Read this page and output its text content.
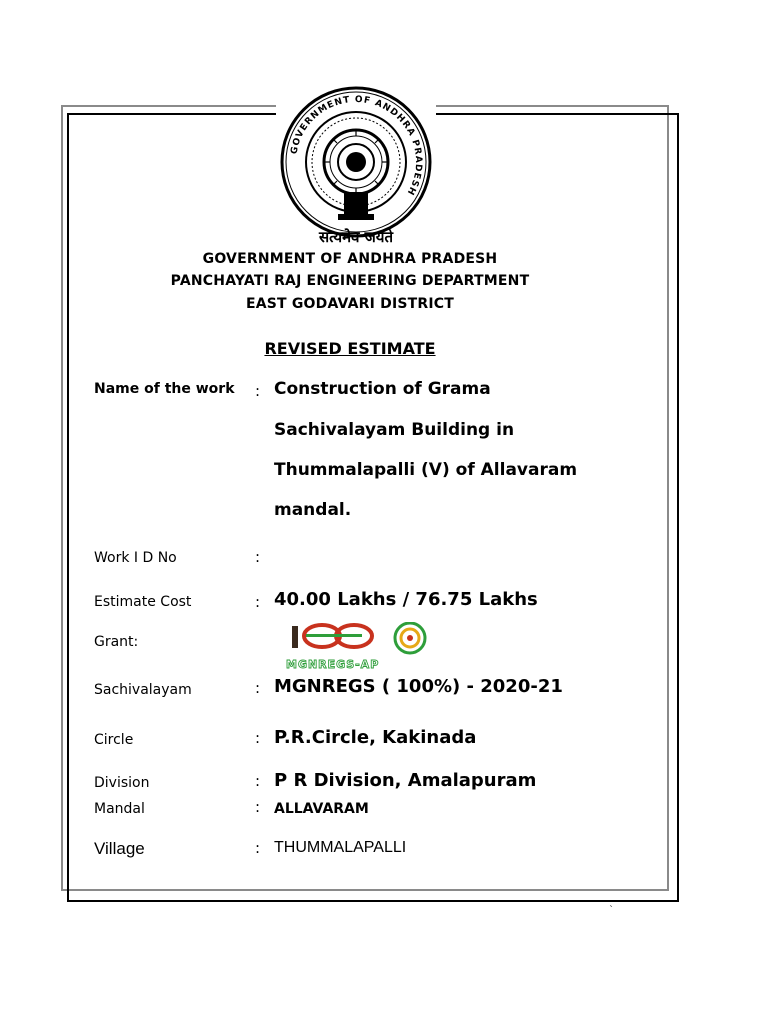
GOVERNMENT OF ANDHRA PRADESH
सत्यमेव जयते
GOVERNMENT OF ANDHRA PRADESH
PANCHAYATI RAJ ENGINEERING DEPARTMENT
EAST GODAVARI DISTRICT
REVISED ESTIMATE
Name of the work : Construction of Grama
Sachivalayam Building in
Thummalapalli (V) of Allavaram
mandal.
Work I D No	:
Estimate Cost	: 40.00 Lakhs / 76.75 Lakhs
Grant:
MGNREGS-AP
Sachivalayam	: MGNREGS ( 100%) - 2020-21
Circle	: P.R.Circle, Kakinada
Division	: P R Division, Amalapuram
Mandal	: ALLAVARAM
Village	: THUMMALAPALLI
`
